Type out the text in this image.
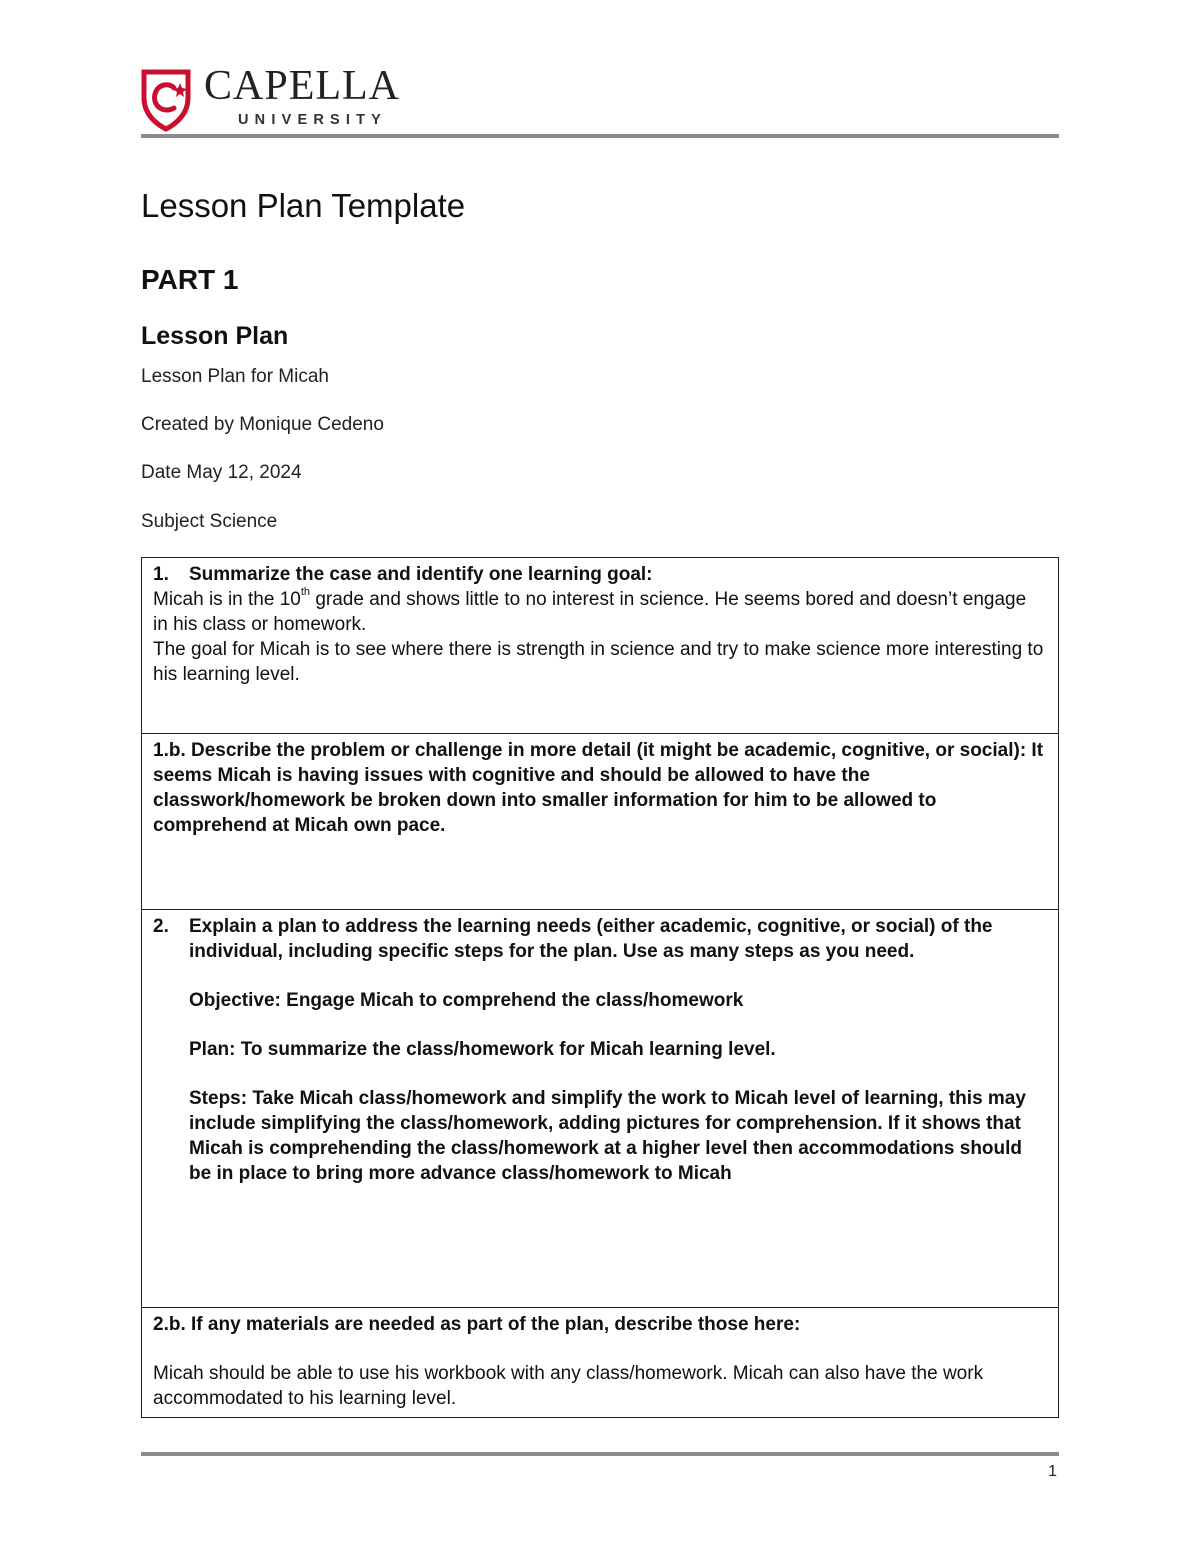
CAPELLA
UNIVERSITY
Lesson Plan Template
PART 1
Lesson Plan

Lesson Plan for Micah

Created by Monique Cedeno

Date May 12, 2024

Subject Science

1.	Summarize the case and identify one learning goal:
Micah is in the 10th grade and shows little to no interest in science. He seems bored and doesn’t engage in his class or homework.
The goal for Micah is to see where there is strength in science and try to make science more interesting to his learning level.

1.b. Describe the problem or challenge in more detail (it might be academic, cognitive, or social): It seems Micah is having issues with cognitive and should be allowed to have the classwork/homework be broken down into smaller information for him to be allowed to comprehend at Micah own pace.

2.	Explain a plan to address the learning needs (either academic, cognitive, or social) of the individual, including specific steps for the plan. Use as many steps as you need.
Objective: Engage Micah to comprehend the class/homework
Plan: To summarize the class/homework for Micah learning level.
Steps: Take Micah class/homework and simplify the work to Micah level of learning, this may include simplifying the class/homework, adding pictures for comprehension. If it shows that Micah is comprehending the class/homework at a higher level then accommodations should be in place to bring more advance class/homework to Micah

2.b. If any materials are needed as part of the plan, describe those here:
Micah should be able to use his workbook with any class/homework. Micah can also have the work accommodated to his learning level.
1
